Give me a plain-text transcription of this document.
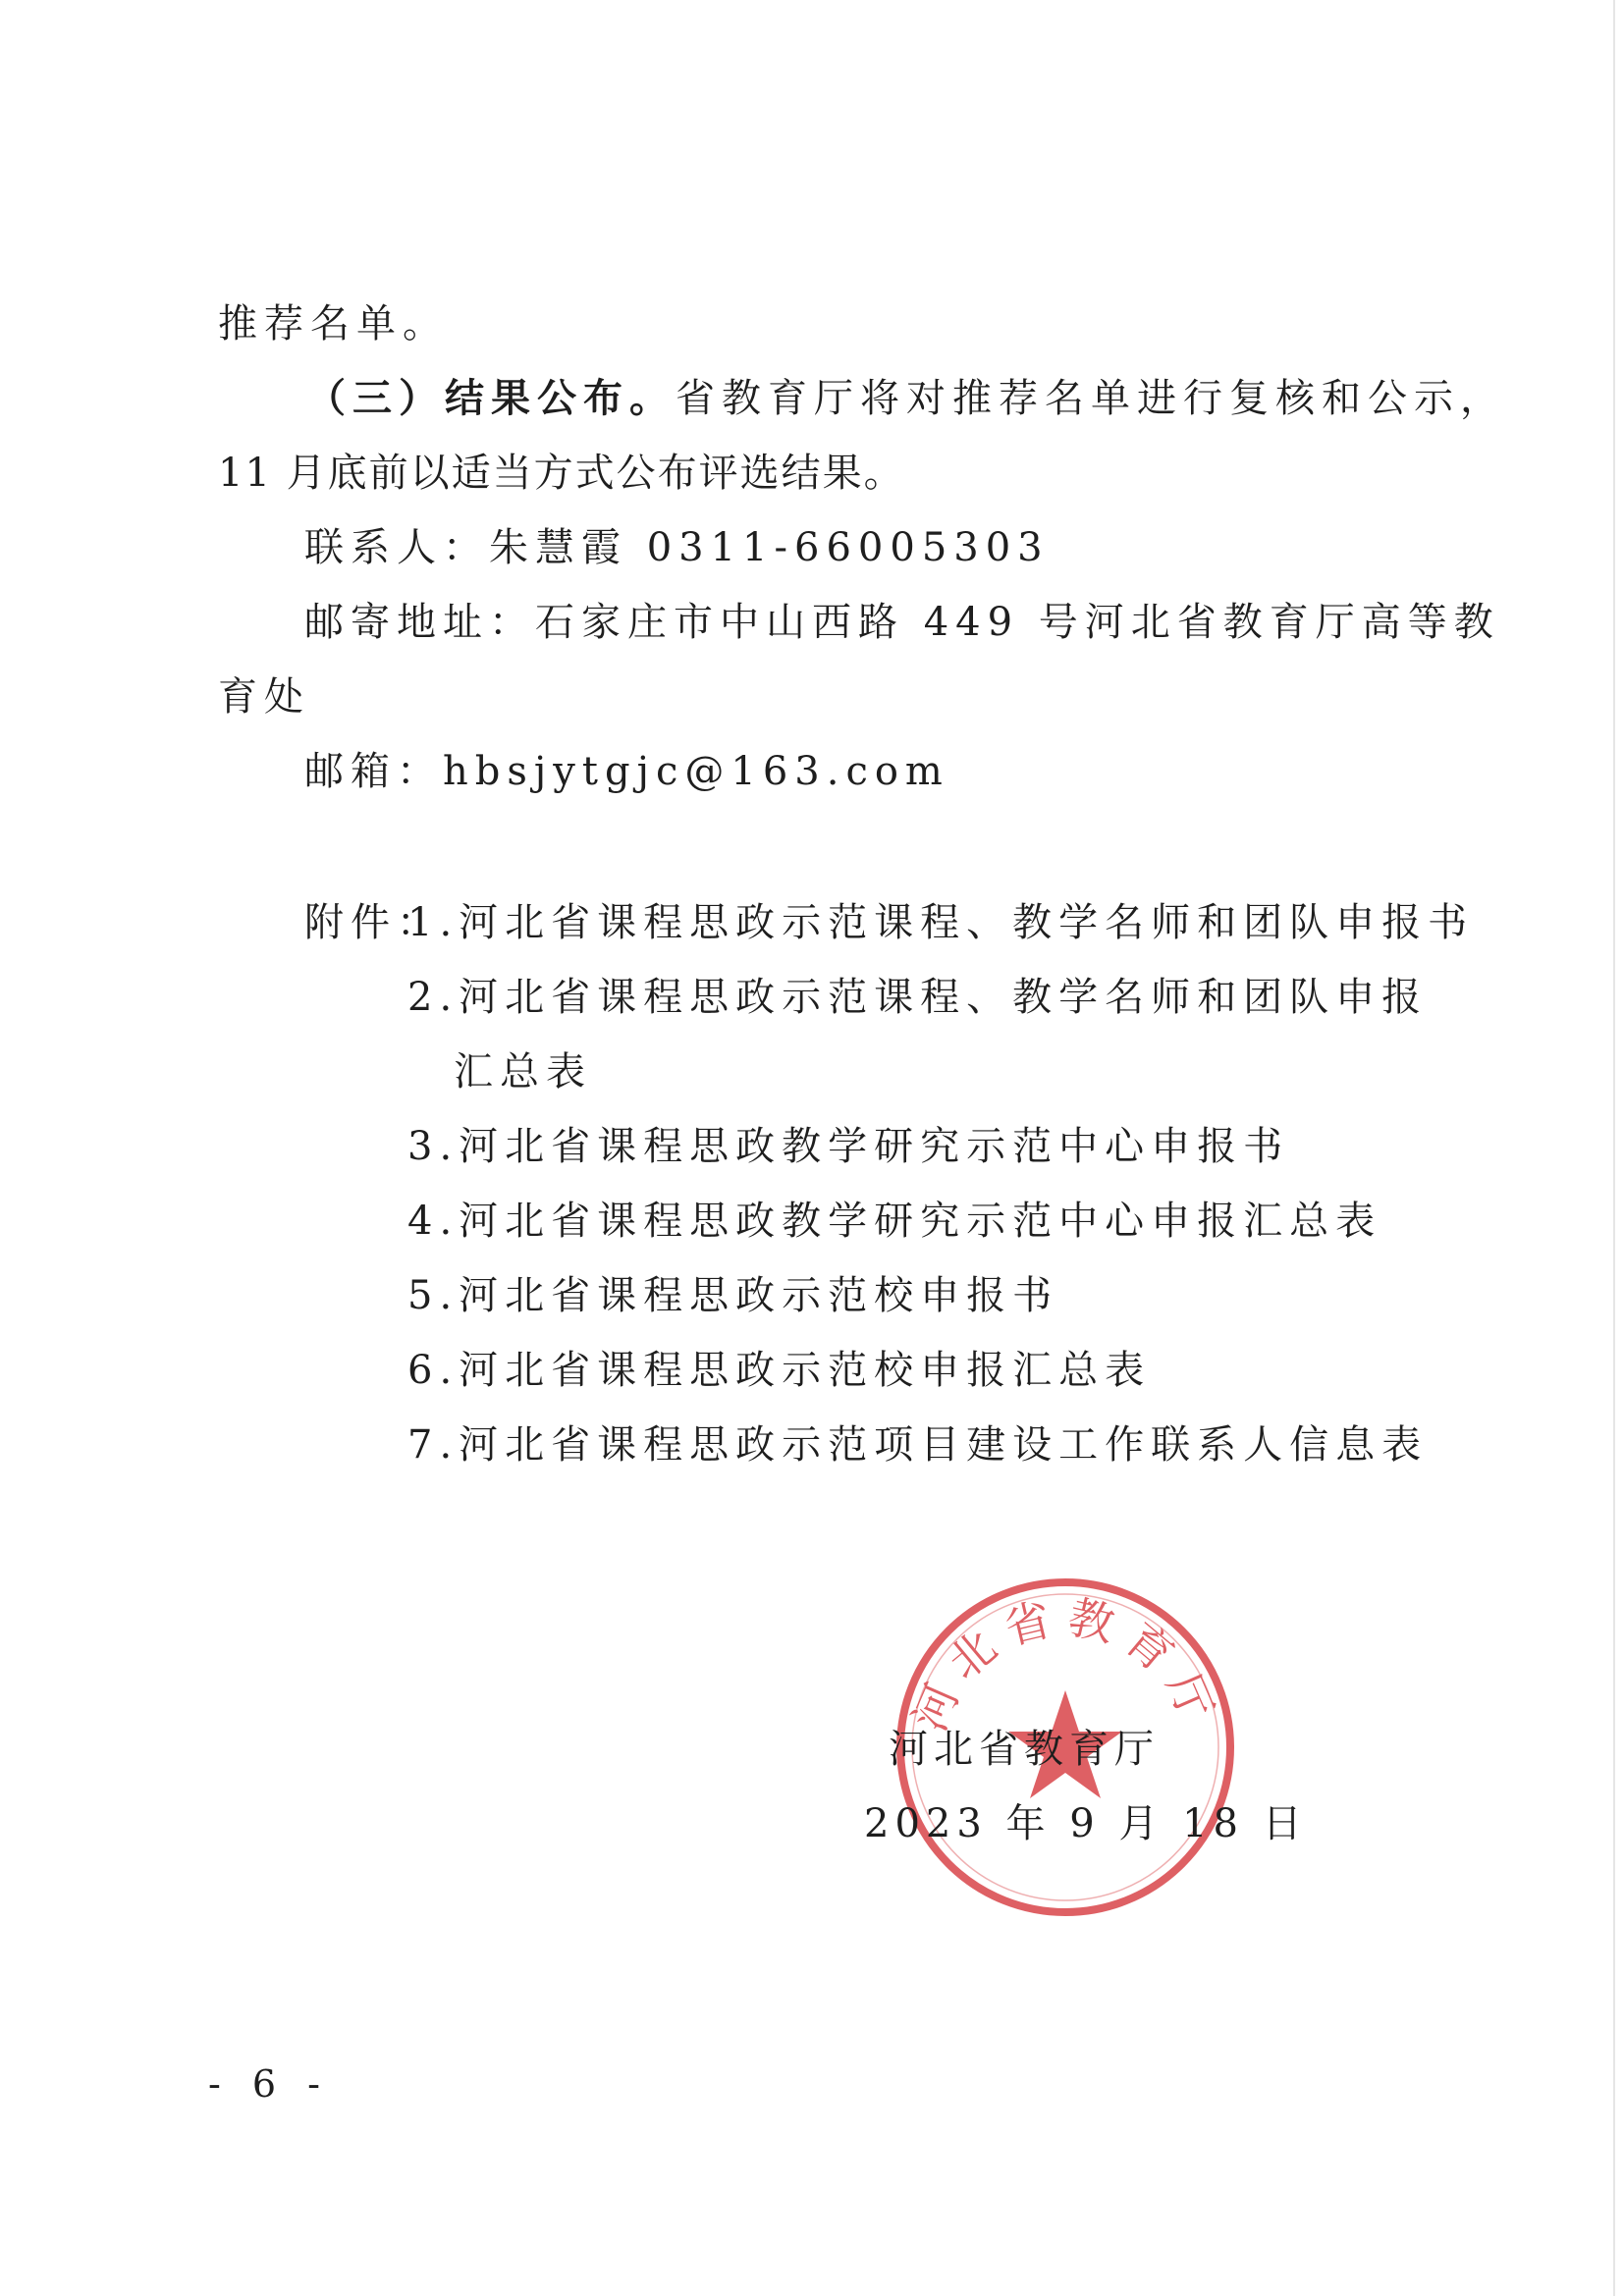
推荐名单。
（三）结果公布。省教育厅将对推荐名单进行复核和公示，
11 月底前以适当方式公布评选结果。
联系人：朱慧霞 0311-66005303
邮寄地址：石家庄市中山西路 449 号河北省教育厅高等教
育处
邮箱：hbsjytgjc@163.com
附件：
1.河北省课程思政示范课程、教学名师和团队申报书
2.河北省课程思政示范课程、教学名师和团队申报
汇总表
3.河北省课程思政教学研究示范中心申报书
4.河北省课程思政教学研究示范中心申报汇总表
5.河北省课程思政示范校申报书
6.河北省课程思政示范校申报汇总表
7.河北省课程思政示范项目建设工作联系人信息表
河北省教育厅
河北省教育厅
2023 年 9 月 18 日
- 6 -
